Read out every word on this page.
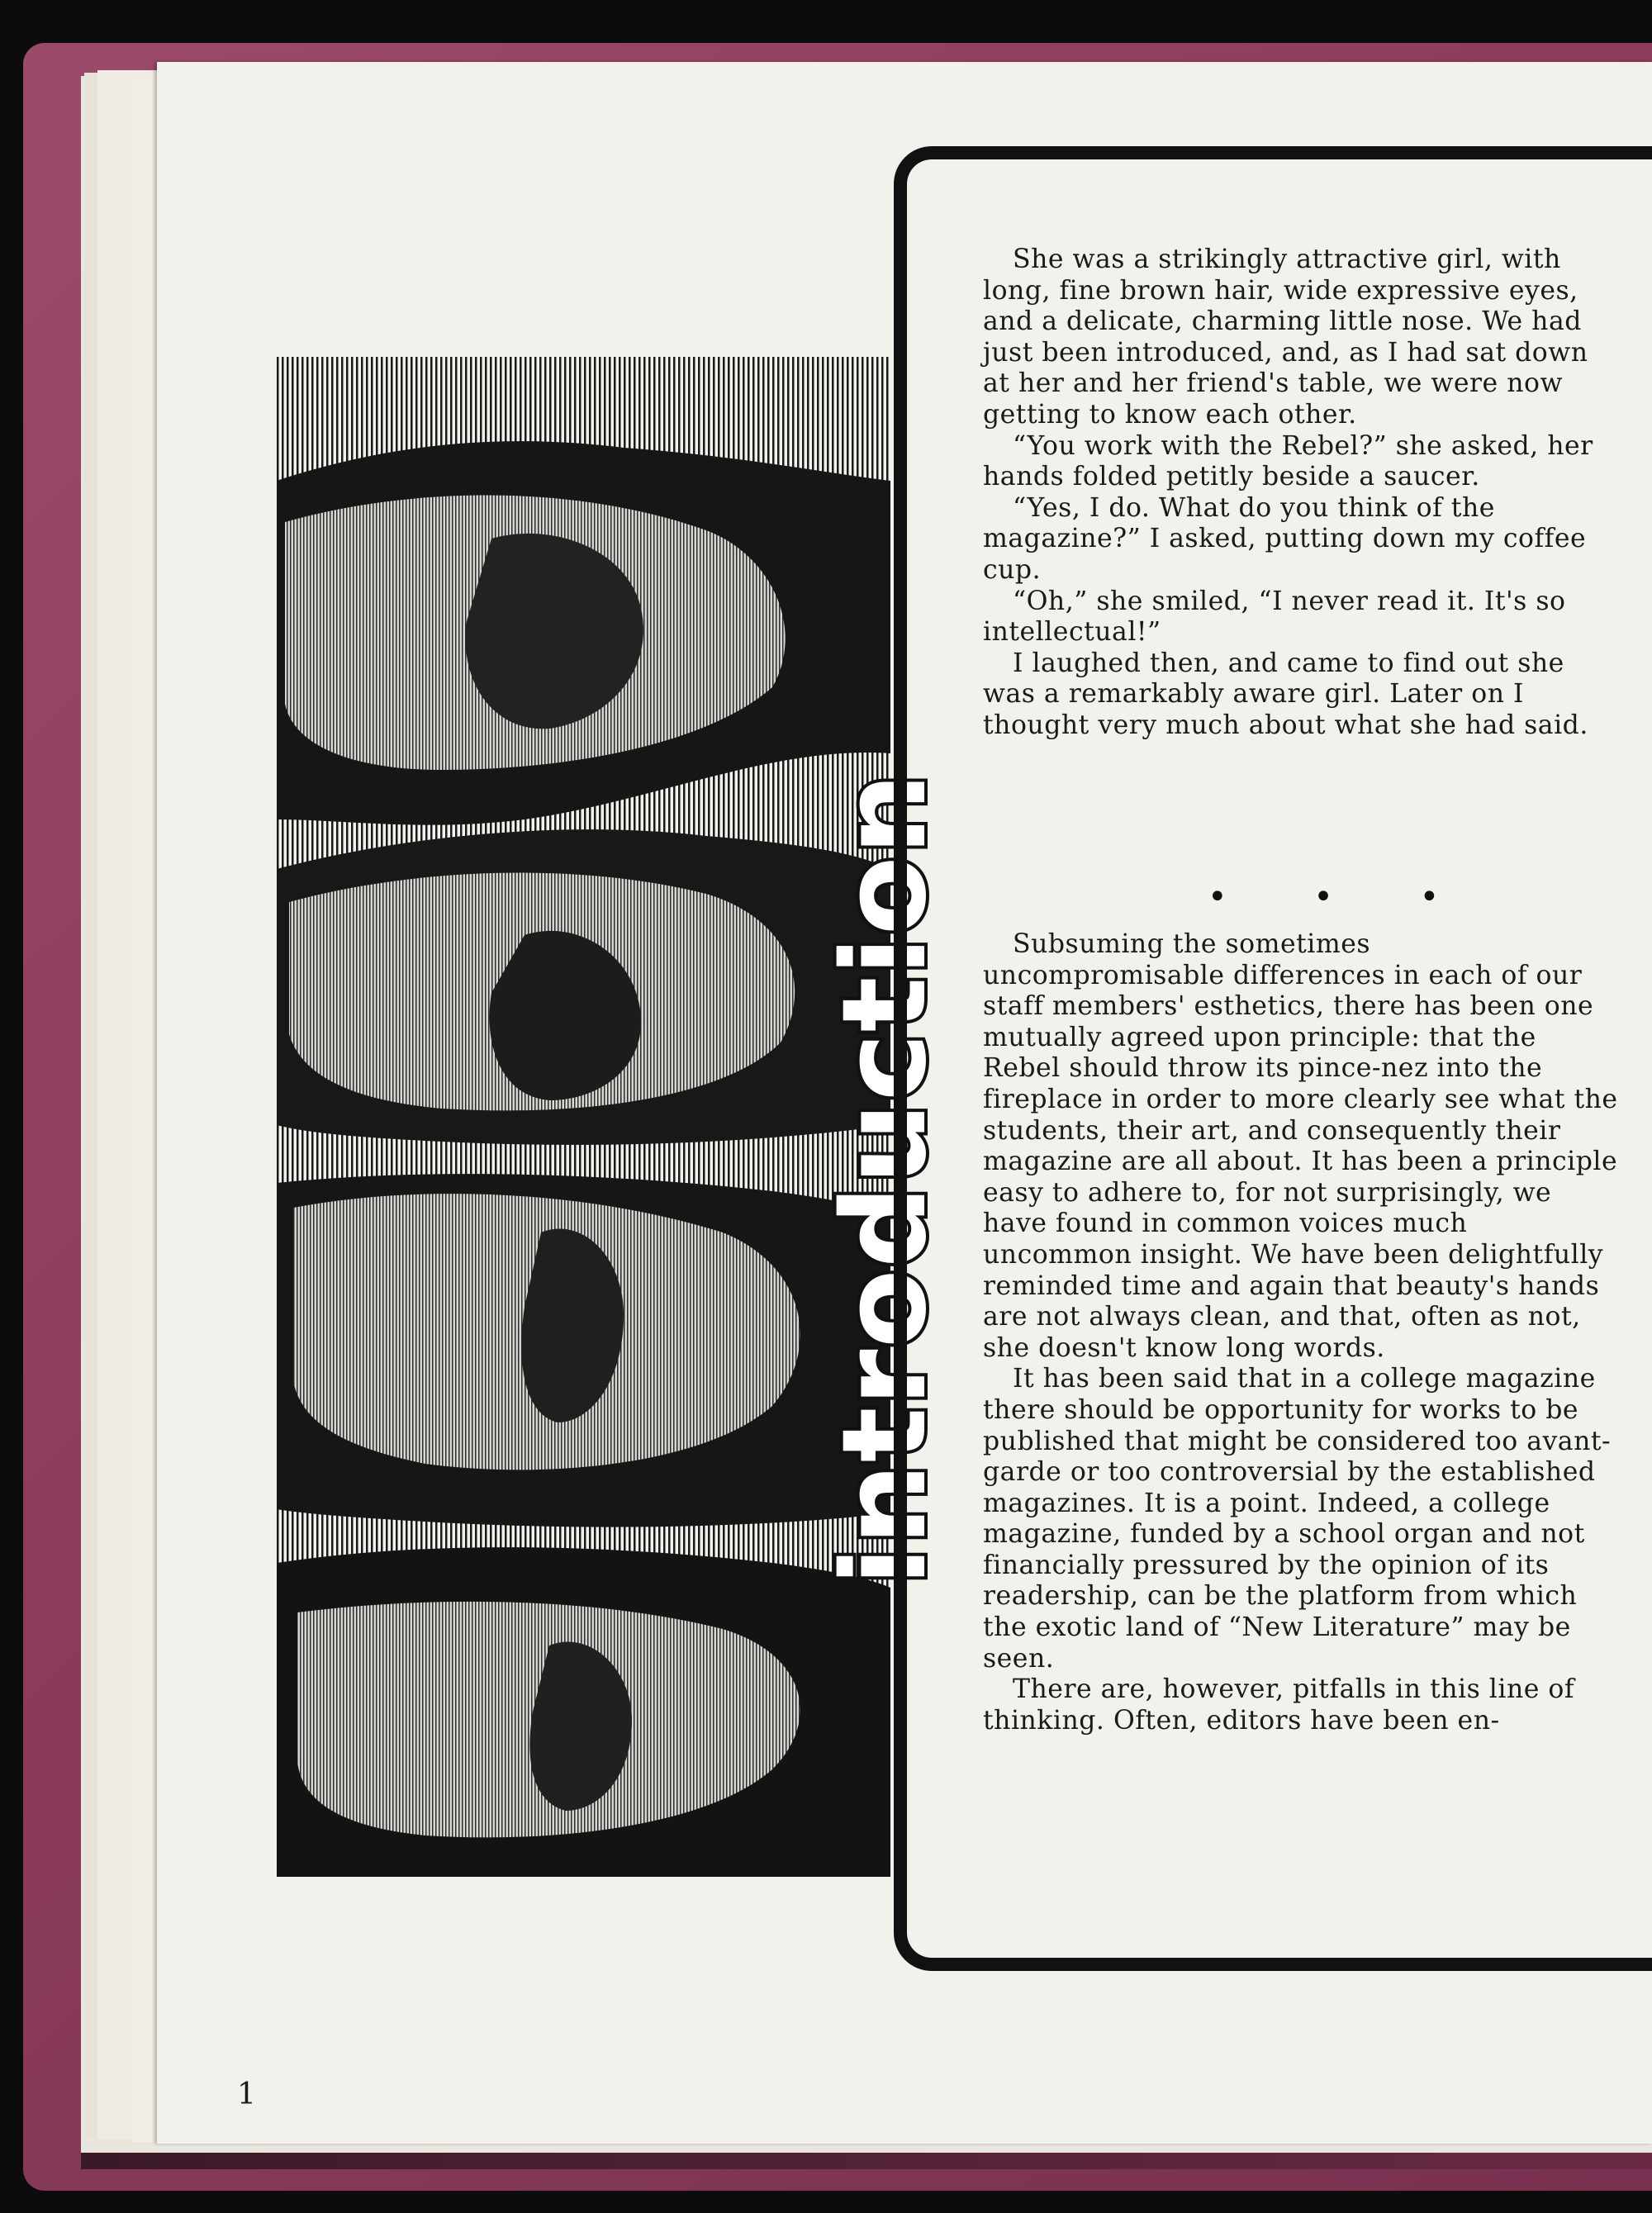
introduction

She was a strikingly attractive girl, with long, fine brown hair, wide expressive eyes, and a delicate, charming little nose. We had just been introduced, and, as I had sat down at her and her friend's table, we were now getting to know each other.

“You work with the Rebel?” she asked, her hands folded petitly beside a saucer.

“Yes, I do. What do you think of the magazine?” I asked, putting down my coffee cup.

“Oh,” she smiled, “I never read it. It's so intellectual!”

I laughed then, and came to find out she was a remarkably aware girl. Later on I thought very much about what she had said.

• • •

Subsuming the sometimes uncompromisable differences in each of our staff members' esthetics, there has been one mutually agreed upon principle: that the Rebel should throw its pince-nez into the fireplace in order to more clearly see what the students, their art, and consequently their magazine are all about. It has been a principle easy to adhere to, for not surprisingly, we have found in common voices much uncommon insight. We have been delightfully reminded time and again that beauty's hands are not always clean, and that, often as not, she doesn't know long words.

It has been said that in a college magazine there should be opportunity for works to be published that might be considered too avant-garde or too controversial by the established magazines. It is a point. Indeed, a college magazine, funded by a school organ and not financially pressured by the opinion of its readership, can be the platform from which the exotic land of “New Literature” may be seen.

There are, however, pitfalls in this line of thinking. Often, editors have been en-

1
